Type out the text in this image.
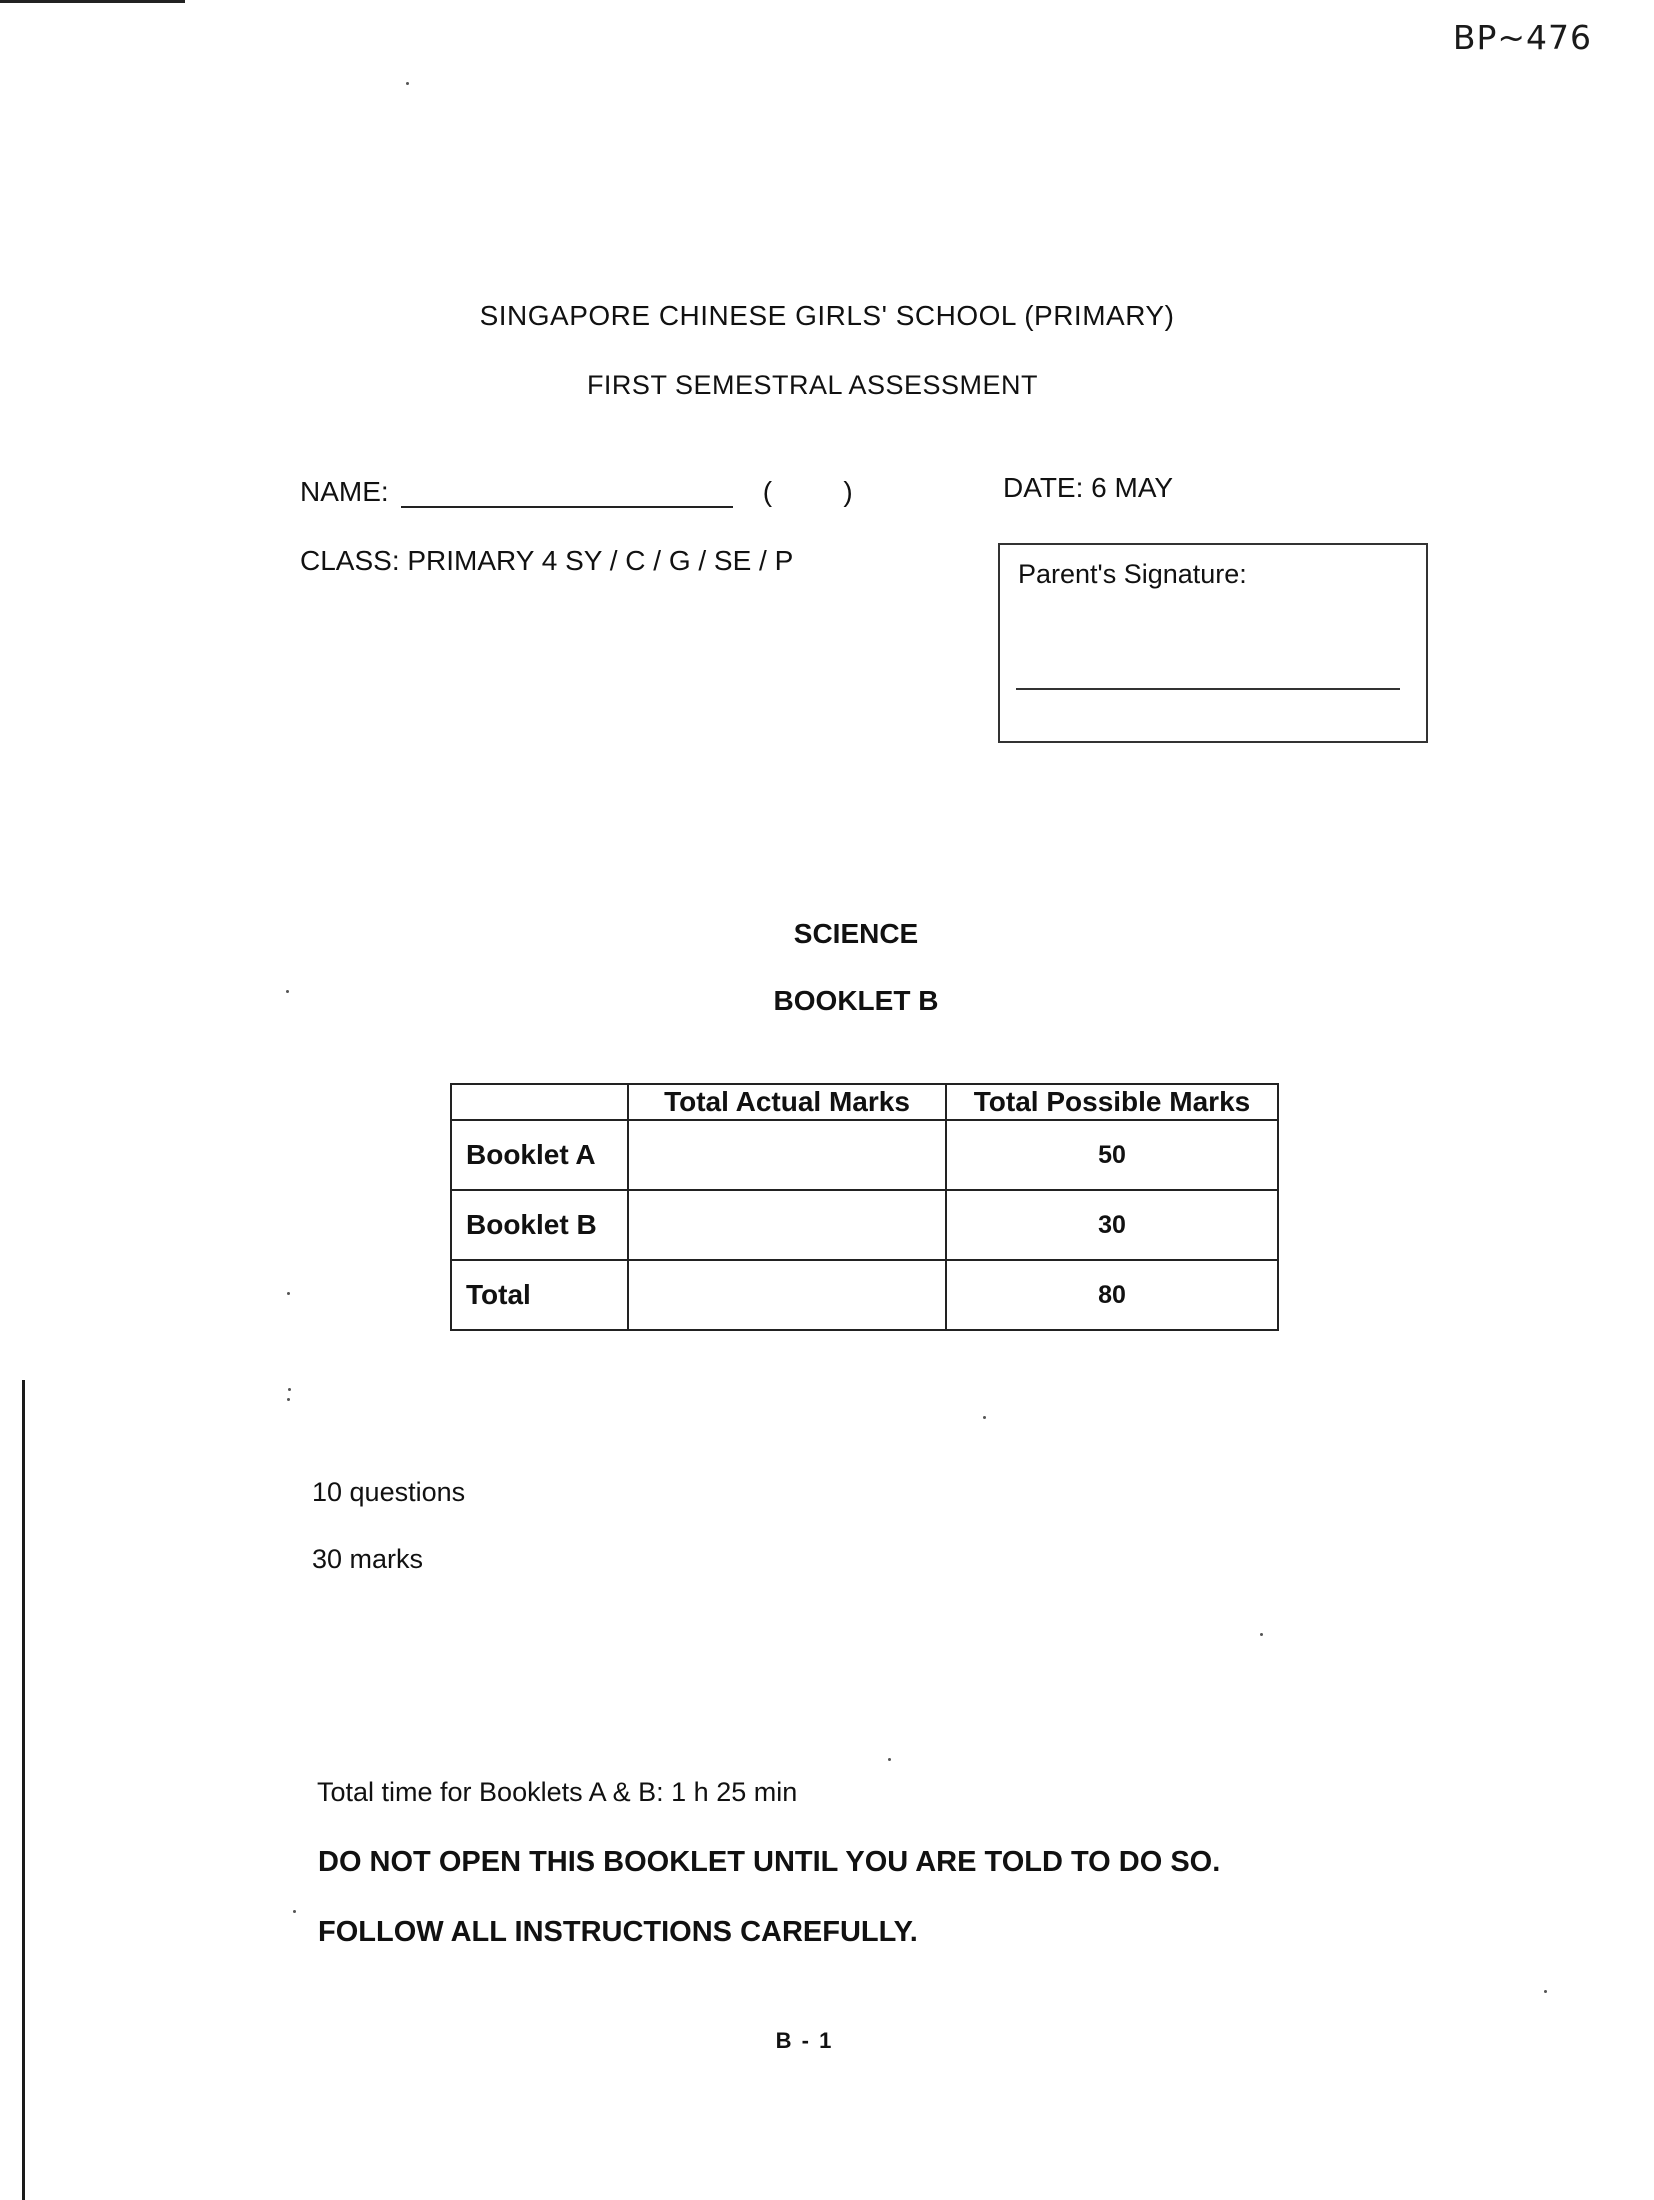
BP~476
SINGAPORE CHINESE GIRLS' SCHOOL (PRIMARY)
FIRST SEMESTRAL ASSESSMENT
NAME:	(	)	DATE: 6 MAY
CLASS: PRIMARY 4 SY / C / G / SE / P	Parent's Signature:
SCIENCE
BOOKLET B
	Total Actual Marks	Total Possible Marks
Booklet A		50
Booklet B		30
Total		80
10 questions
30 marks
Total time for Booklets A & B: 1 h 25 min
DO NOT OPEN THIS BOOKLET UNTIL YOU ARE TOLD TO DO SO.
FOLLOW ALL INSTRUCTIONS CAREFULLY.
B - 1
